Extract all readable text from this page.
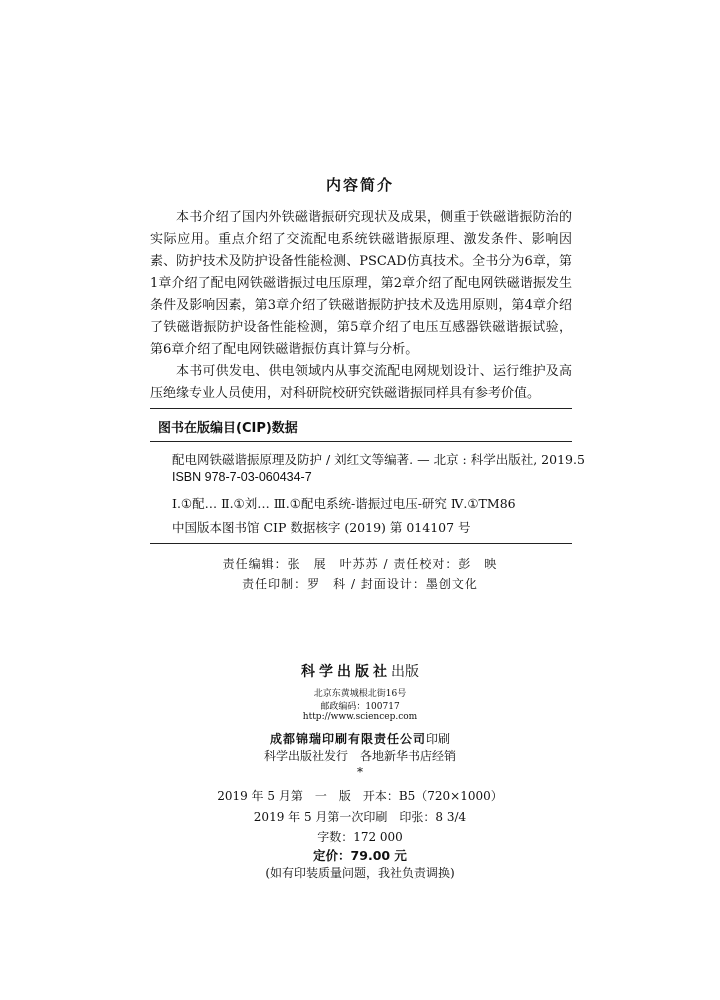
内容简介

本书介绍了国内外铁磁谐振研究现状及成果，侧重于铁磁谐振防治的实际应用。重点介绍了交流配电系统铁磁谐振原理、激发条件、影响因素、防护技术及防护设备性能检测、PSCAD仿真技术。全书分为6章，第1章介绍了配电网铁磁谐振过电压原理，第2章介绍了配电网铁磁谐振发生条件及影响因素，第3章介绍了铁磁谐振防护技术及选用原则，第4章介绍了铁磁谐振防护设备性能检测，第5章介绍了电压互感器铁磁谐振试验，第6章介绍了配电网铁磁谐振仿真计算与分析。

本书可供发电、供电领域内从事交流配电网规划设计、运行维护及高压绝缘专业人员使用，对科研院校研究铁磁谐振同样具有参考价值。

图书在版编目(CIP)数据
配电网铁磁谐振原理及防护 / 刘红文等编著. — 北京 : 科学出版社, 2019.5
ISBN 978-7-03-060434-7
Ⅰ.①配… Ⅱ.①刘… Ⅲ.①配电系统-谐振过电压-研究 Ⅳ.①TM86
中国版本图书馆 CIP 数据核字 (2019) 第 014107 号
责任编辑：张　展　叶苏苏 / 责任校对：彭　映
责任印制：罗　科 / 封面设计：墨创文化
科学出版社出版
北京东黄城根北街16号
邮政编码：100717
http://www.sciencep.com
成都锦瑞印刷有限责任公司印刷
科学出版社发行　各地新华书店经销
*
2019 年 5 月第　一　版　开本：B5（720×1000）
2019 年 5 月第一次印刷　印张：8 3/4
字数：172 000
定价：79.00 元
(如有印装质量问题，我社负责调换)
